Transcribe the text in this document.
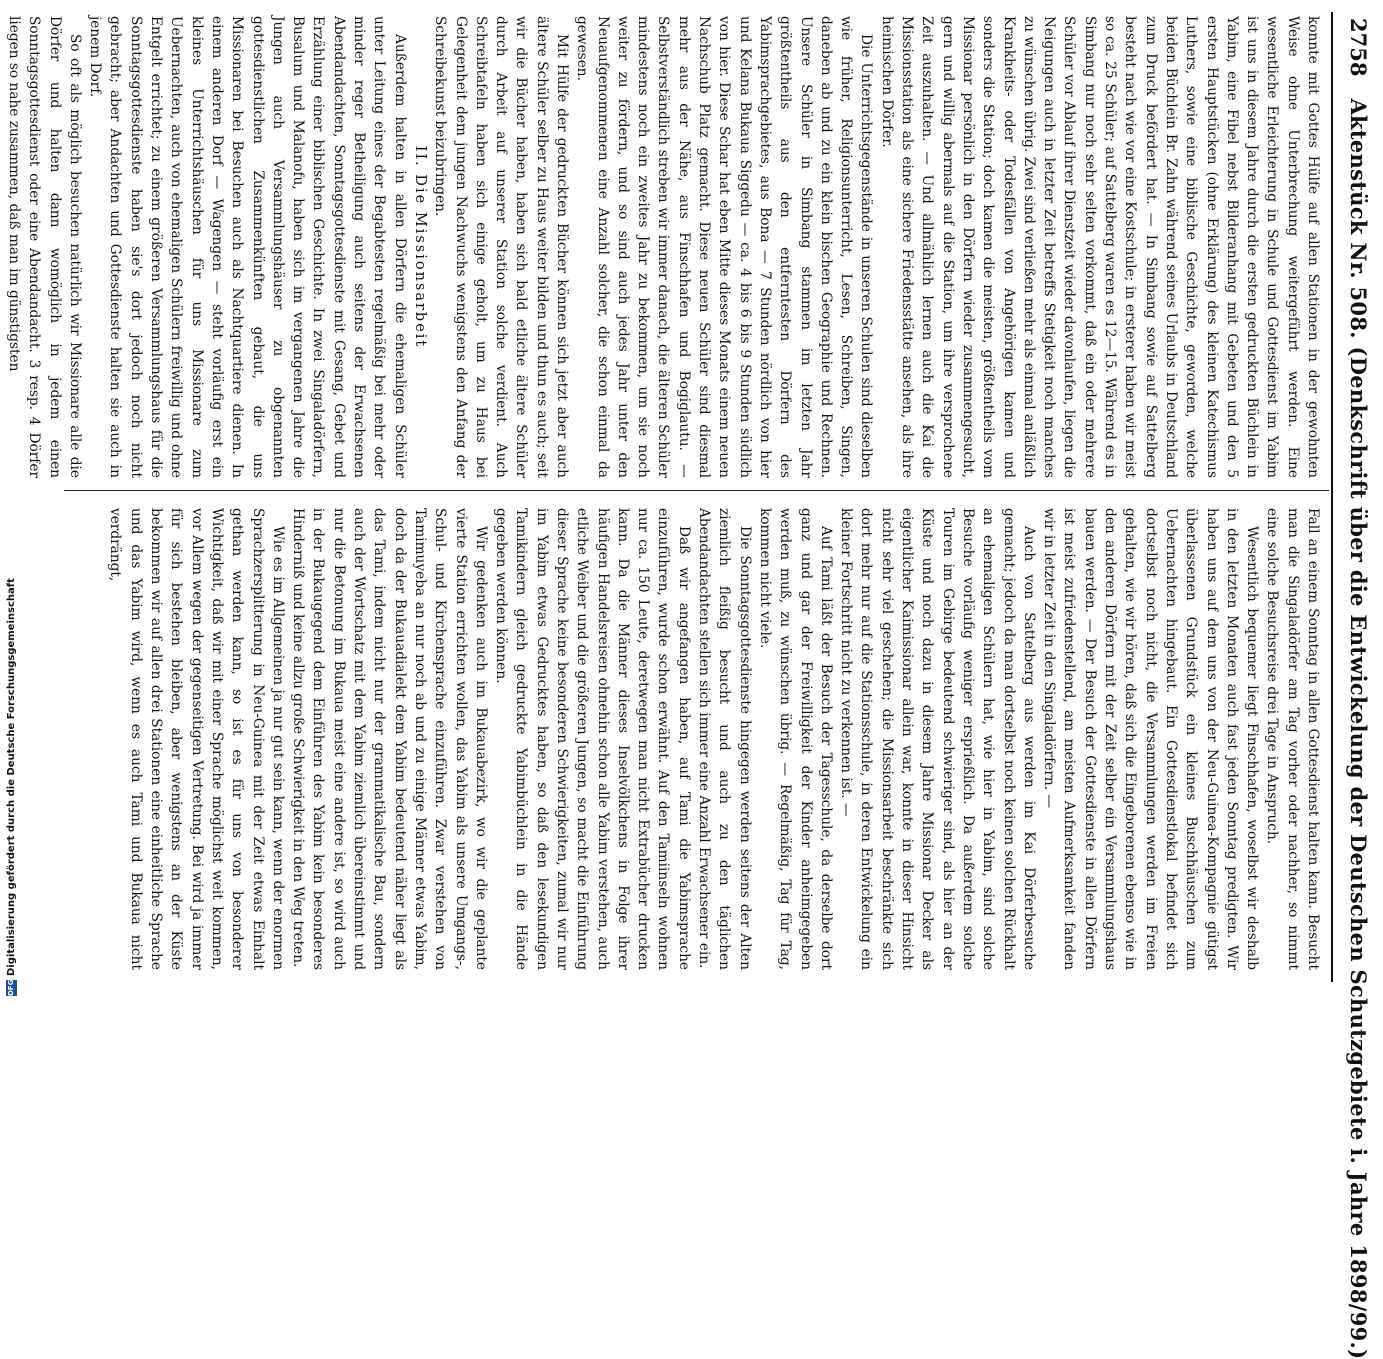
2758
Aktenstück Nr. 508. (Denkschrift über die Entwickelung der Deutschen Schutzgebiete i. Jahre 1898/99.)

konnte mit Gottes Hülfe auf allen Stationen in der gewohnten Weise ohne Unterbrechung weitergeführt werden. Eine wesentliche Erleichterung in Schule und Gottesdienst im Yabim ist uns in diesem Jahre durch die ersten gedruckten Büchlein in Yabim, eine Fibel nebst Bilderanhang mit Gebeten und den 5 ersten Hauptstücken (ohne Erklärung) des kleinen Katechismus Luthers, sowie eine biblische Geschichte, geworden, welche beiden Büchlein Br. Zahn während seines Urlaubs in Deutschland zum Druck befördert hat. — In Simbang sowie auf Sattelberg besteht nach wie vor eine Kostschule; in ersterer haben wir meist so ca. 25 Schüler; auf Sattelberg waren es 12—15. Während es in Simbang nur noch sehr selten vorkommt, daß ein oder mehrere Schüler vor Ablauf ihrer Dienstzeit wieder davonlaufen, liegen die Neigungen auch in letzter Zeit betreffs Stetigkeit noch manches zu wünschen übrig. Zwei sind verließen mehr als einmal anläßlich Krankheits- oder Todesfällen von Angehörigen kamen und sonders die Station; doch kamen die meisten, größtentheils vom Missionar persönlich in den Dörfern wieder zusammengesucht, gern und willig abermals auf die Station, um ihre versprochene Zeit auszuhalten. — Und allmählich lernen auch die Kai die Missionsstation als eine sichere Friedensstätte ansehen, als ihre heimischen Dörfer.

Die Unterrichtsgegenstände in unseren Schulen sind dieselben wie früher, Religionsunterricht, Lesen, Schreiben, Singen, daneben ab und zu ein klein bischen Geographie und Rechnen. Unsere Schüler in Simbang stammen im letzten Jahr größtentheils aus den entferntesten Dörfern des Yabimsprachgebietes, aus Bona — 7 Stunden nördlich von hier und Kelana Bukaua Siggedu — ca. 4 bis 6 bis 9 Stunden südlich von hier. Diese Schar hat eben Mitte dieses Monats einem neuen Nachschub Platz gemacht. Diese neuen Schüler sind diesmal mehr aus der Nähe, aus Finschhafen und Bogiglautu. — Selbstverständlich streben wir immer danach, die älteren Schüler mindestens noch ein zweites Jahr zu bekommen, um sie noch weiter zu fördern, und so sind auch jedes Jahr unter den Neuaufgenommenen eine Anzahl solcher, die schon einmal da gewesen.

Mit Hülfe der gedruckten Bücher können sich jetzt aber auch ältere Schüler selber zu Haus weiter bilden und thun es auch; seit wir die Bücher haben, haben sich bald etliche ältere Schüler durch Arbeit auf unserer Station solche verdient. Auch Schreibtafeln haben sich einige geholt, um zu Haus bei Gelegenheit dem jungen Nachwuchs wenigstens den Anfang der Schreibekunst beizubringen.

II. Die Missionsarbeit

Außerdem halten in allen Dörfern die ehemaligen Schüler unter Leitung eines der Begabtesten regelmäßig bei mehr oder minder reger Betheiligung auch seitens der Erwachsenen Abendandachten, Sonntagsgottesdienste mit Gesang, Gebet und Erzählung einer biblischen Geschichte. In zwei Singaladörfern, Busalum und Malanofu, haben sich im vergangenen Jahre die Jungen auch Versammlungshäuser zu obgenannten gottesdienstlichen Zusammenkünften gebaut, die uns Missionaren bei Besuchen auch als Nachtquartiere dienen. In einem anderen Dorf — Wagengen — steht vorläufig erst ein kleines Unterrichtshäuschen für uns Missionare zum Uebernachten, auch von ehemaligen Schülern freiwillig und ohne Entgelt errichtet; zu einem größeren Versammlungshaus für die Sonntagsgottesdienste haben sie's dort jedoch noch nicht gebracht; aber Andachten und Gottesdienste halten sie auch in jenem Dorf.

So oft als möglich besuchen natürlich wir Missionare alle die Dörfer und halten dann womöglich in jedem einen Sonntagsgottesdienst oder eine Abendandacht. 3 resp. 4 Dörfer liegen so nahe zusammen, daß man im günstigsten

Fall an einem Sonntag in allen Gottesdienst halten kann. Besucht man die Singaladörfer am Tag vorher oder nachher, so nimmt eine solche Besuchsreise drei Tage in Anspruch.

Wesentlich bequemer liegt Finschhafen, woselbst wir deshalb in den letzten Monaten auch fast jeden Sonntag predigten. Wir haben uns auf dem uns von der Neu-Guinea-Kompagnie gütigst überlassenen Grundstück ein kleines Buschhäuschen zum Uebernachten hingebaut. Ein Gottesdienstlokal befindet sich dortselbst noch nicht, die Versammlungen werden im Freien gehalten, wie wir hören, daß sich die Eingeborenen ebenso wie in den anderen Dörfern mit der Zeit selber ein Versammlungshaus bauen werden. — Der Besuch der Gottesdienste in allen Dörfern ist meist zufriedenstellend, am meisten Aufmerksamkeit fanden wir in letzter Zeit in den Singaladörfern. —

Auch von Sattelberg aus werden im Kai Dörferbesuche gemacht; jedoch da man dortselbst noch keinen solchen Rückhalt an ehemaligen Schülern hat, wie hier in Yabim, sind solche Besuche vorläufig weniger ersprießlich. Da außerdem solche Touren im Gebirge bedeutend schwieriger sind, als hier an der Küste und noch dazu in diesem Jahre Missionar Decker als eigentlicher Kaimissionar allein war, konnte in dieser Hinsicht nicht sehr viel geschehen; die Missionsarbeit beschränkte sich dort mehr nur auf die Stationsschule, in deren Entwickelung ein kleiner Fortschritt nicht zu verkennen ist. —

Auf Tami läßt der Besuch der Tagesschule, da derselbe dort ganz und gar der Freiwilligkeit der Kinder anheimgegeben werden muß, zu wünschen übrig. — Regelmäßig, Tag für Tag, kommen nicht viele.

Die Sonntagsgottesdienste hingegen werden seitens der Alten ziemlich fleißig besucht und auch zu den täglichen Abendandachten stellen sich immer eine Anzahl Erwachsener ein.

Daß wir angefangen haben, auf Tami die Yabimsprache einzuführen, wurde schon erwähnt. Auf den Tamiinseln wohnen nur ca. 150 Leute, deretwegen man nicht Extrabücher drucken kann. Da die Männer dieses Inselvölkchens in Folge ihrer häufigen Handelsreisen ohnehin schon alle Yabim verstehen, auch etliche Weiber und die größeren Jungen, so macht die Einführung dieser Sprache keine besonderen Schwierigkeiten, zumal wir nur im Yabim etwas Gedrucktes haben, so daß den lesekundigen Tamikindern gleich gedruckte Yabimbüchlein in die Hände gegeben werden können.

Wir gedenken auch im Bukauabezirk, wo wir die geplante vierte Station errichten wollen, das Yabim als unsere Umgangs-, Schul- und Kirchensprache einzuführen. Zwar verstehen von Tamimuyeba an nur noch ab und zu einige Männer etwas Yabim, doch da der Bukauadialekt dem Yabim bedeutend näher liegt als das Tami, indem nicht nur der grammatikalische Bau, sondern auch der Wortschatz mit dem Yabim ziemlich übereinstimmt und nur die Betonung im Bukaua meist eine andere ist, so wird auch in der Bukaugegend dem Einführen des Yabim kein besonderes Hinderniß und keine allzu große Schwierigkeit in den Weg treten.

Wie es im Allgemeinen ja nur gut sein kann, wenn der enormen Sprachzersplitterung in Neu-Guinea mit der Zeit etwas Einhalt gethan werden kann, so ist es für uns von besonderer Wichtigkeit, daß wir mit einer Sprache möglichst weit kommen, vor Allem wegen der gegenseitigen Vertretung. Bei wird ja immer für sich bestehen bleiben, aber wenigstens an der Küste bekommen wir auf allen drei Stationen eine einheitliche Sprache und das Yabim wird, wenn es auch Tami und Bukaua nicht verdrängt,

DFG
Digitalisierung gefördert durch die Deutsche Forschungsgemeinschaft
